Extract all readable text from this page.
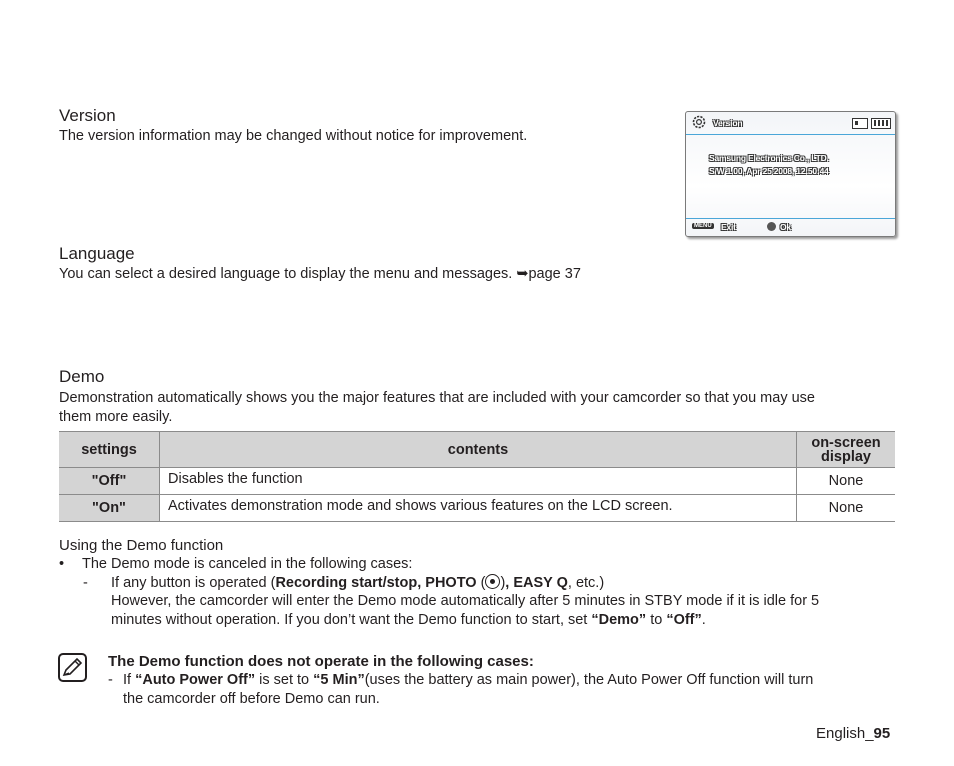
Version
The version information may be changed without notice for improvement.
Version
Samsung Electronics Co., LTD.
S/W 1.00, Apr 25 2008, 12:50:44
MENU Exit	Ok
Language
You can select a desired language to display the menu and messages. ➥page 37
Demo
Demonstration automatically shows you the major features that are included with your camcorder so that you may use
them more easily.
settings	contents	on-screen
display
"Off"	Disables the function	None
"On"	Activates demonstration mode and shows various features on the LCD screen.	None
Using the Demo function
• The Demo mode is canceled in the following cases:
- If any button is operated (Recording start/stop, PHOTO ( ), EASY Q, etc.)
However, the camcorder will enter the Demo mode automatically after 5 minutes in STBY mode if it is idle for 5
minutes without operation. If you don’t want the Demo function to start, set “Demo” to “Off”.
The Demo function does not operate in the following cases:
- If “Auto Power Off” is set to “5 Min”(uses the battery as main power), the Auto Power Off function will turn
the camcorder off before Demo can run.
English_95
